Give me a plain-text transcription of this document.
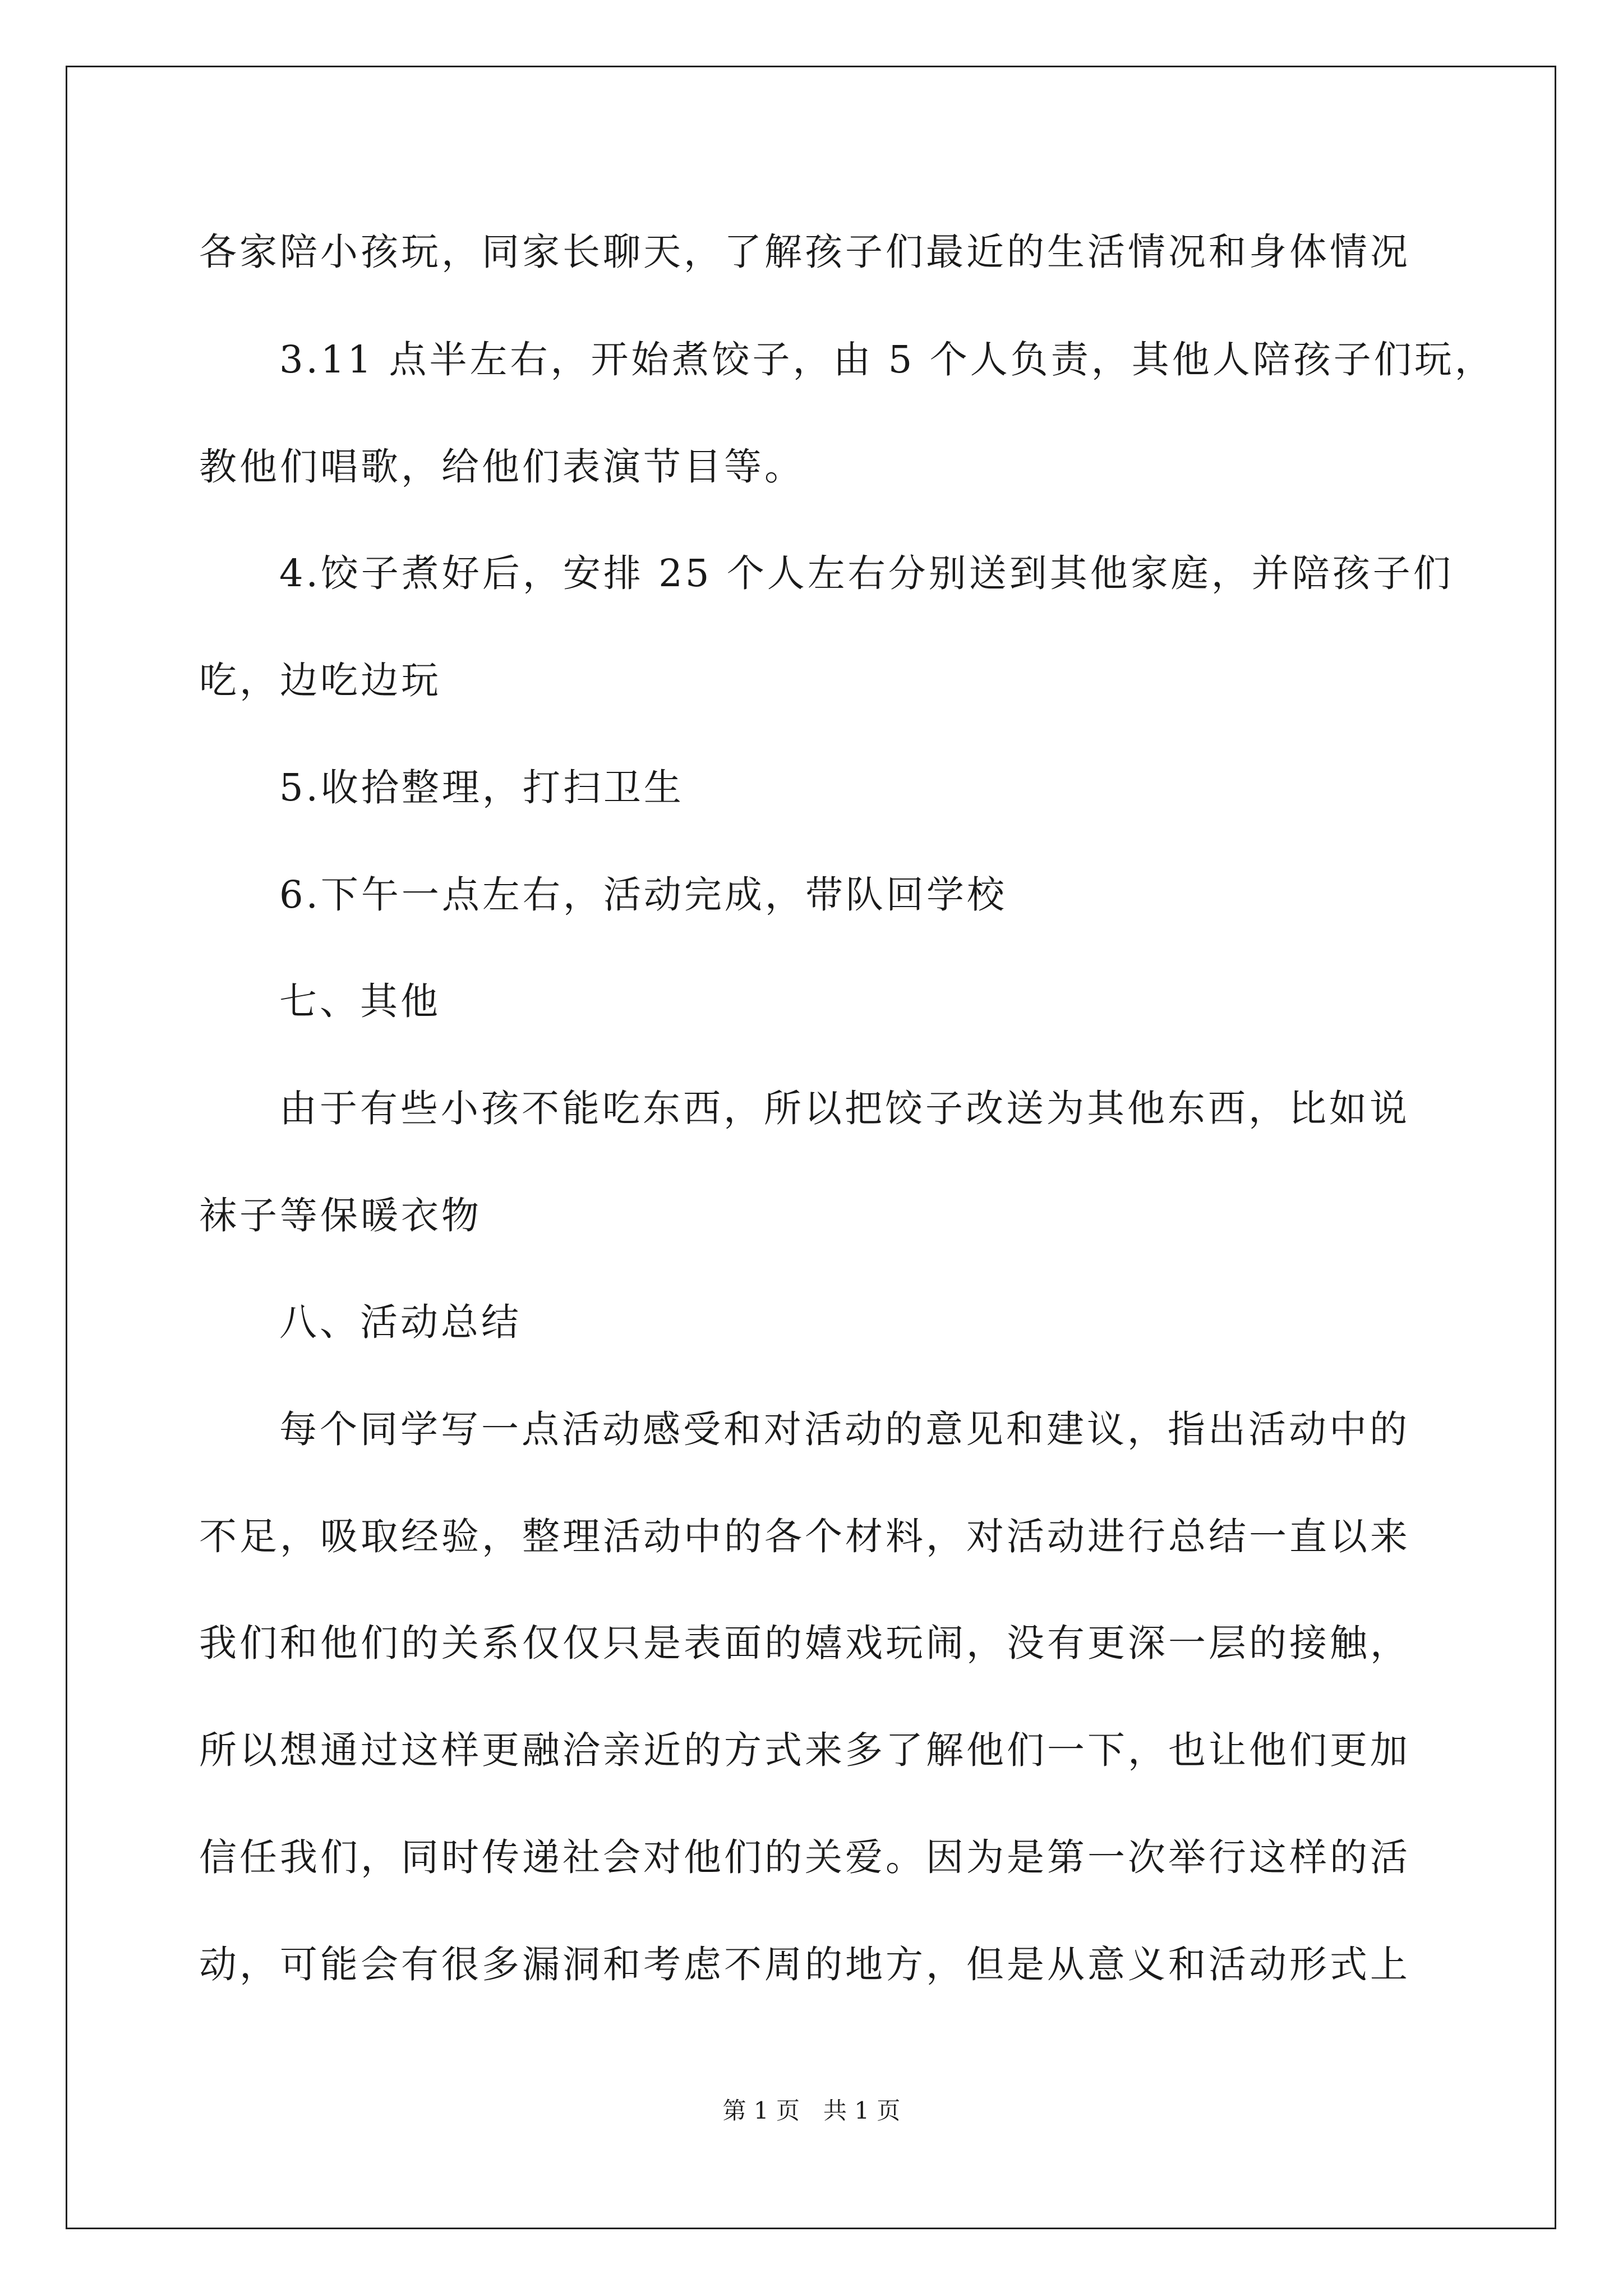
各家陪小孩玩，同家长聊天，了解孩子们最近的生活情况和身体情况
3.11 点半左右，开始煮饺子，由 5 个人负责，其他人陪孩子们玩，
教他们唱歌，给他们表演节目等。
4.饺子煮好后，安排 25 个人左右分别送到其他家庭，并陪孩子们
吃，边吃边玩
5.收拾整理，打扫卫生
6.下午一点左右，活动完成，带队回学校
七、其他
由于有些小孩不能吃东西，所以把饺子改送为其他东西，比如说
袜子等保暖衣物
八、活动总结
每个同学写一点活动感受和对活动的意见和建议，指出活动中的
不足，吸取经验，整理活动中的各个材料，对活动进行总结一直以来
我们和他们的关系仅仅只是表面的嬉戏玩闹，没有更深一层的接触，
所以想通过这样更融洽亲近的方式来多了解他们一下，也让他们更加
信任我们，同时传递社会对他们的关爱。因为是第一次举行这样的活
动，可能会有很多漏洞和考虑不周的地方，但是从意义和活动形式上
第 1 页　共 1 页
